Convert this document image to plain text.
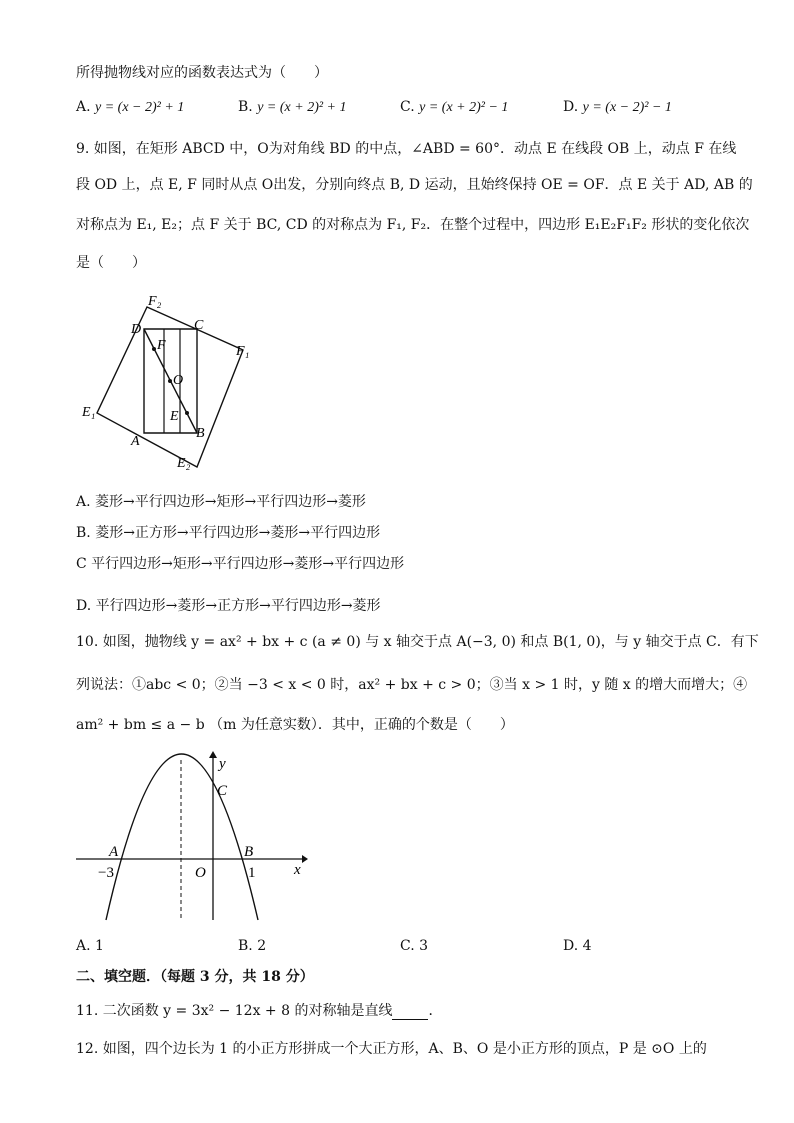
所得抛物线对应的函数表达式为（　　）
A. y = (x − 2)² + 1	B. y = (x + 2)² + 1	C. y = (x + 2)² − 1	D. y = (x − 2)² − 1
9. 如图，在矩形 ABCD 中，O为对角线 BD 的中点，∠ABD = 60°．动点 E 在线段 OB 上，动点 F 在线
段 OD 上，点 E, F 同时从点 O出发，分别向终点 B, D 运动，且始终保持 OE = OF．点 E 关于 AD, AB 的
对称点为 E₁, E₂；点 F 关于 BC, CD 的对称点为 F₁, F₂．在整个过程中，四边形 E₁E₂F₁F₂ 形状的变化依次
是（　　）
F₂
D	C
F₁
F
O
E₁	E
A
B
E₂
A. 菱形→平行四边形→矩形→平行四边形→菱形
B. 菱形→正方形→平行四边形→菱形→平行四边形
C 平行四边形→矩形→平行四边形→菱形→平行四边形
D. 平行四边形→菱形→正方形→平行四边形→菱形
10. 如图，抛物线 y = ax² + bx + c (a ≠ 0) 与 x 轴交于点 A(−3, 0) 和点 B(1, 0)，与 y 轴交于点 C．有下
列说法：①abc < 0；②当 −3 < x < 0 时，ax² + bx + c > 0；③当 x > 1 时，y 随 x 的增大而增大；④
am² + bm ≤ a − b （m 为任意实数）．其中，正确的个数是（　　）
y
C
A	B
x
O
−3	1
A. 1	B. 2	C. 3	D. 4
二、填空题．（每题 3 分，共 18 分）
11. 二次函数 y = 3x² − 12x + 8 的对称轴是直线	．
12. 如图，四个边长为 1 的小正方形拼成一个大正方形，A、B、O 是小正方形的顶点，P 是 ⊙O 上的
